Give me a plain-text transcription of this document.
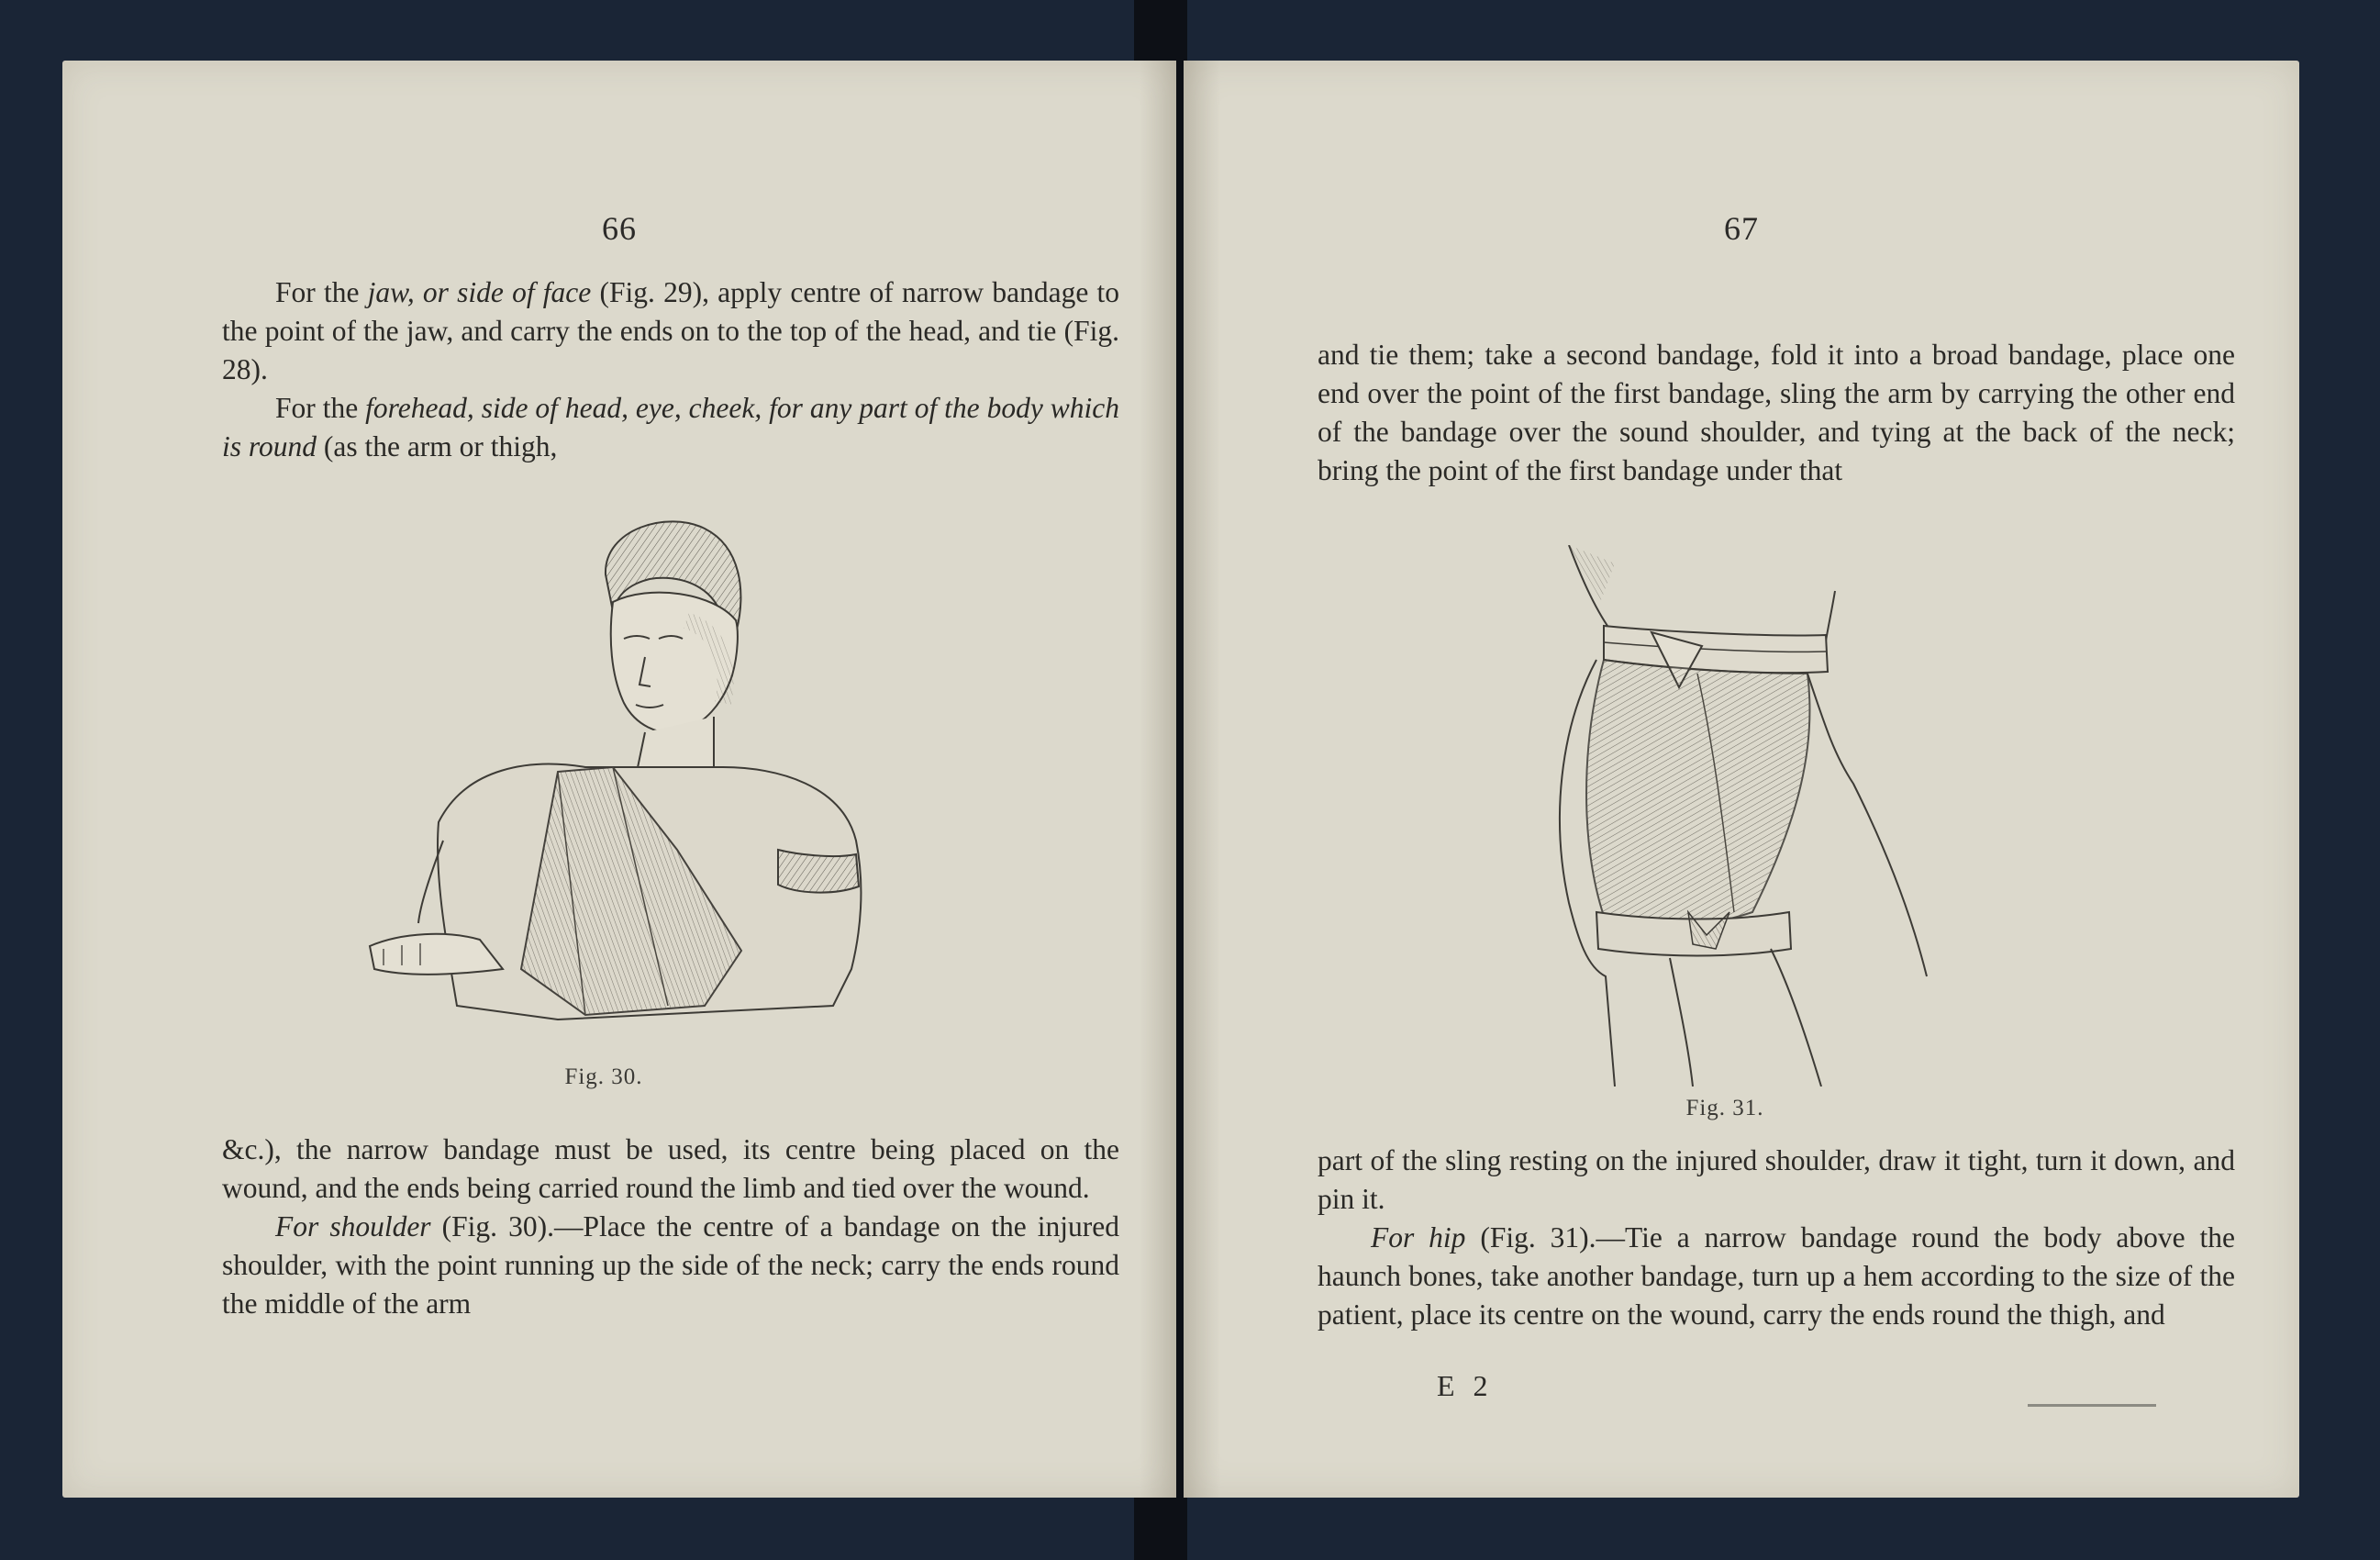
66

For the jaw, or side of face (Fig. 29), apply centre of narrow bandage to the point of the jaw, and carry the ends on to the top of the head, and tie (Fig. 28).

For the forehead, side of head, eye, cheek, for any part of the body which is round (as the arm or thigh,

Fig. 30.

&c.), the narrow bandage must be used, its centre being placed on the wound, and the ends being carried round the limb and tied over the wound.

For shoulder (Fig. 30).—Place the centre of a bandage on the injured shoulder, with the point running up the side of the neck; carry the ends round the middle of the arm

67

and tie them; take a second bandage, fold it into a broad bandage, place one end over the point of the first bandage, sling the arm by carrying the other end of the bandage over the sound shoulder, and tying at the back of the neck; bring the point of the first bandage under that

Fig. 31.

part of the sling resting on the injured shoulder, draw it tight, turn it down, and pin it.

For hip (Fig. 31).—Tie a narrow bandage round the body above the haunch bones, take another bandage, turn up a hem according to the size of the patient, place its centre on the wound, carry the ends round the thigh, and

E 2
